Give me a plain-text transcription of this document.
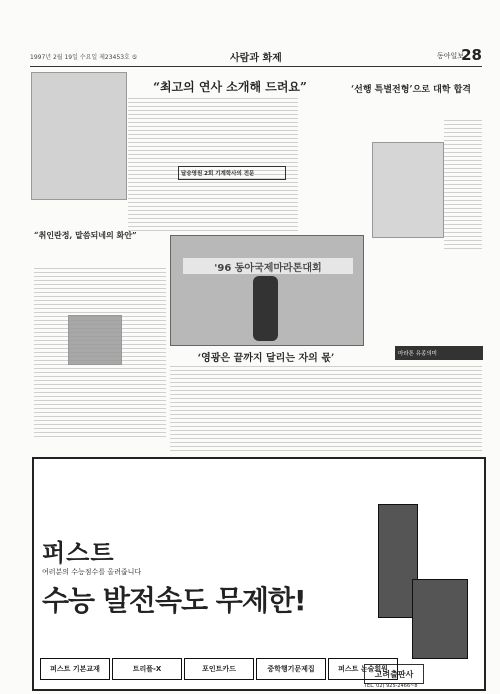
1997년 2월 19일 수요일 제23453호 ⑤	사람과 화제	동아일보
28
“최고의 연사 소개해 드려요”	‘선행 특별전형’으로 대학 합격
“취인란정, 말씀되네의 화안”
'96 동아국제마라톤대회
‘영광은 끝까지 달리는 자의 몫’
달승영원 2회 기계학사의 전문
마라톤 유종의미
퍼스트
여러분의 수능점수를 올려줍니다
수능 발전속도 무제한!
고려출판사
TEL. 02) 925-2466~8
퍼스트 기본교재	트리플-X	포인트카드	중학행기문제집	퍼스트 논술회원
